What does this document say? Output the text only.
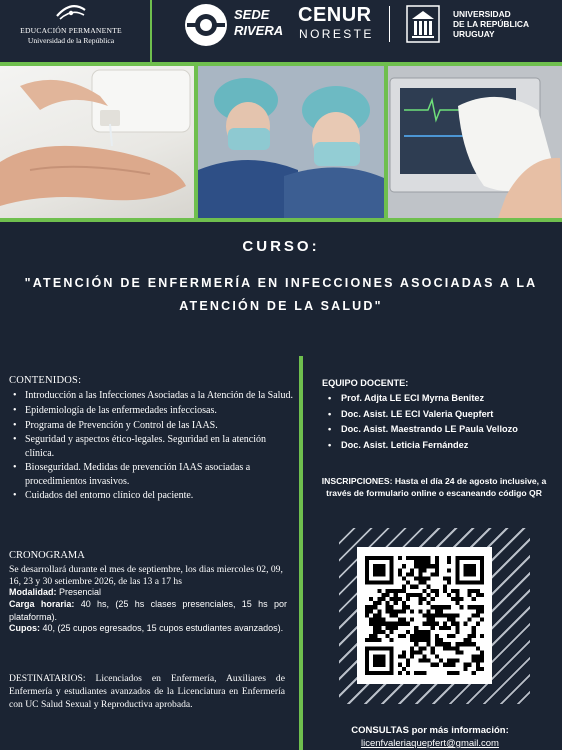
EDUCACIÓN PERMANENTE
Universidad de la República
SEDE
RIVERA
CENUR
NORESTE
UNIVERSIDAD
DE LA REPÚBLICA
URUGUAY
CURSO:
"ATENCIÓN DE ENFERMERÍA EN INFECCIONES ASOCIADAS A LA
ATENCIÓN DE LA SALUD"
CONTENIDOS:
• Introducción a las Infecciones Asociadas a la Atención de la Salud.
• Epidemiología de las enfermedades infecciosas.
• Programa de Prevención y Control de las IAAS.
• Seguridad y aspectos ético-legales. Seguridad en la atención clínica.
• Bioseguridad. Medidas de prevención IAAS asociadas a procedimientos invasivos.
• Cuidados del entorno clínico del paciente.
CRONOGRAMA
Se desarrollará durante el mes de septiembre, los dias miercoles 02, 09, 16, 23 y 30 setiembre 2026, de las 13 a 17 hs
Modalidad: Presencial
Carga horaria: 40 hs, (25 hs clases presenciales, 15 hs por plataforma).
Cupos: 40, (25 cupos egresados, 15 cupos estudiantes avanzados).
DESTINATARIOS: Licenciados en Enfermería, Auxiliares de Enfermería y estudiantes avanzados de la Licenciatura en Enfermería con UC Salud Sexual y Reproductiva aprobada.
EQUIPO DOCENTE:
• Prof. Adjta LE ECI Myrna Benitez
• Doc. Asist. LE ECI Valeria Quepfert
• Doc. Asist. Maestrando LE Paula Vellozo
• Doc. Asist. Leticia Fernández
INSCRIPCIONES: Hasta el día 24 de agosto inclusive, a través de formulario online o escaneando código QR
CONSULTAS por más información:
licenfvaleriaquepfert@gmail.com
